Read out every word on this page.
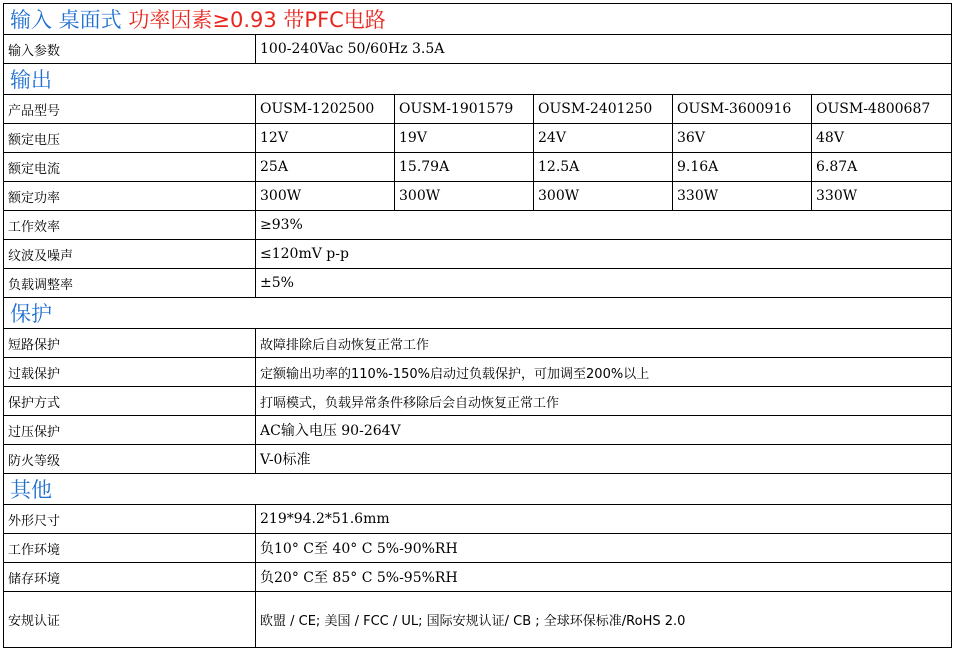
输入 桌面式 功率因素≥0.93 带PFC电路					
输入参数	100-240Vac 50/60Hz 3.5A				
输出					
产品型号	OUSM-1202500	OUSM-1901579	OUSM-2401250	OUSM-3600916	OUSM-4800687
额定电压	12V	19V	24V	36V	48V
额定电流	25A	15.79A	12.5A	9.16A	6.87A
额定功率	300W	300W	300W	330W	330W
工作效率	≥93%				
纹波及噪声	≤120mV p-p				
负载调整率	±5%				
保护					
短路保护	故障排除后自动恢复正常工作				
过载保护	定额输出功率的110%-150%启动过负载保护，可加调至200%以上				
保护方式	打嗝模式，负载异常条件移除后会自动恢复正常工作				
过压保护	AC输入电压 90-264V				
防火等级	V-0标准				
其他					
外形尺寸	219*94.2*51.6mm				
工作环境	负10° C至 40° C 5%-90%RH				
储存环境	负20° C至 85° C 5%-95%RH				
安规认证	欧盟 / CE; 美国 / FCC / UL; 国际安规认证/ CB ; 全球环保标准/RoHS 2.0				
